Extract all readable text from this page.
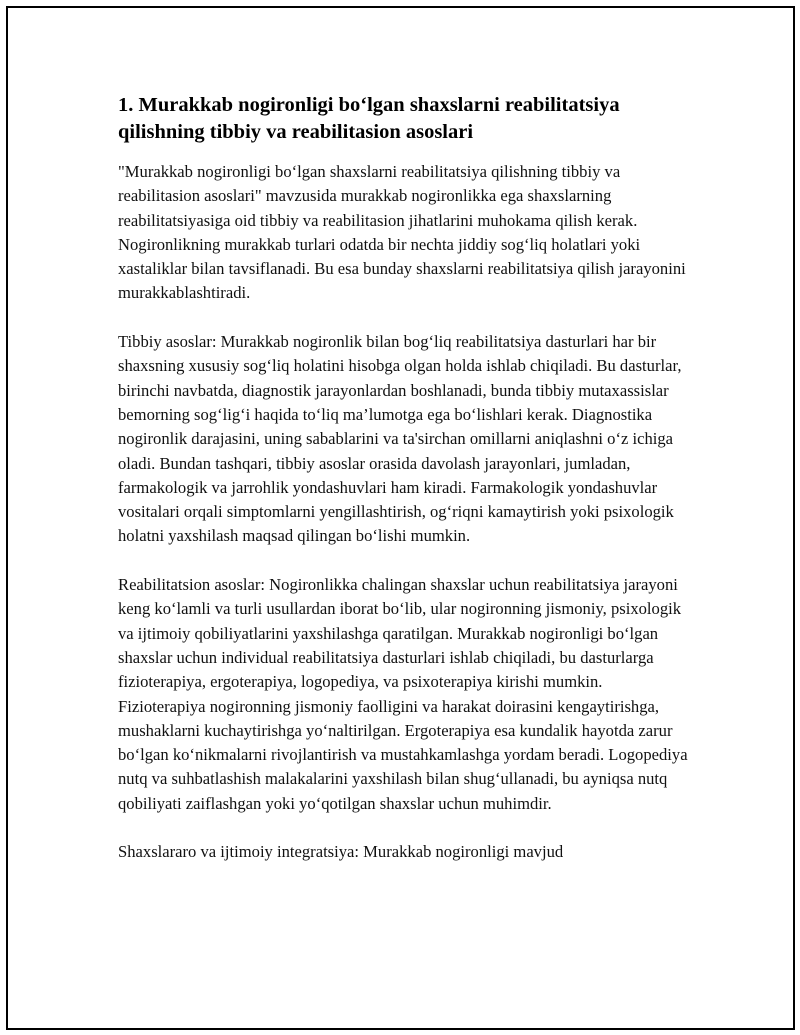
1. Murakkab nogironligi bo‘lgan shaxslarni reabilitatsiya qilishning tibbiy va reabilitasion asoslari

"Murakkab nogironligi bo‘lgan shaxslarni reabilitatsiya qilishning tibbiy va reabilitasion asoslari" mavzusida murakkab nogironlikka ega shaxslarning reabilitatsiyasiga oid tibbiy va reabilitasion jihatlarini muhokama qilish kerak. Nogironlikning murakkab turlari odatda bir nechta jiddiy sog‘liq holatlari yoki xastaliklar bilan tavsiflanadi. Bu esa bunday shaxslarni reabilitatsiya qilish jarayonini murakkablashtiradi.

Tibbiy asoslar: Murakkab nogironlik bilan bog‘liq reabilitatsiya dasturlari har bir shaxsning xususiy sog‘liq holatini hisobga olgan holda ishlab chiqiladi. Bu dasturlar, birinchi navbatda, diagnostik jarayonlardan boshlanadi, bunda tibbiy mutaxassislar bemorning sog‘lig‘i haqida to‘liq ma’lumotga ega bo‘lishlari kerak. Diagnostika nogironlik darajasini, uning sabablarini va ta'sirchan omillarni aniqlashni o‘z ichiga oladi. Bundan tashqari, tibbiy asoslar orasida davolash jarayonlari, jumladan, farmakologik va jarrohlik yondashuvlari ham kiradi. Farmakologik yondashuvlar vositalari orqali simptomlarni yengillashtirish, og‘riqni kamaytirish yoki psixologik holatni yaxshilash maqsad qilingan bo‘lishi mumkin.

Reabilitatsion asoslar: Nogironlikka chalingan shaxslar uchun reabilitatsiya jarayoni keng ko‘lamli va turli usullardan iborat bo‘lib, ular nogironning jismoniy, psixologik va ijtimoiy qobiliyatlarini yaxshilashga qaratilgan. Murakkab nogironligi bo‘lgan shaxslar uchun individual reabilitatsiya dasturlari ishlab chiqiladi, bu dasturlarga fizioterapiya, ergoterapiya, logopediya, va psixoterapiya kirishi mumkin. Fizioterapiya nogironning jismoniy faolligini va harakat doirasini kengaytirishga, mushaklarni kuchaytirishga yo‘naltirilgan. Ergoterapiya esa kundalik hayotda zarur bo‘lgan ko‘nikmalarni rivojlantirish va mustahkamlashga yordam beradi. Logopediya nutq va suhbatlashish malakalarini yaxshilash bilan shug‘ullanadi, bu ayniqsa nutq qobiliyati zaiflashgan yoki yo‘qotilgan shaxslar uchun muhimdir.

Shaxslararo va ijtimoiy integratsiya: Murakkab nogironligi mavjud
